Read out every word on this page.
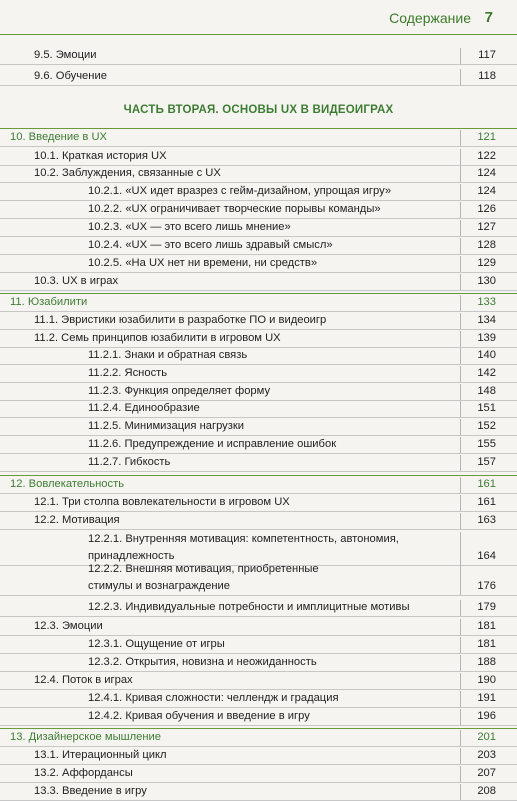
Содержание 7
ЧАСТЬ ВТОРАЯ. ОСНОВЫ UX В ВИДЕОИГРАХ
9.5. Эмоции	117
9.6. Обучение	118
10. Введение в UX	121
10.1. Краткая история UX	122
10.2. Заблуждения, связанные с UX	124
10.2.1. «UX идет вразрез с гейм-дизайном, упрощая игру»	124
10.2.2. «UX ограничивает творческие порывы команды»	126
10.2.3. «UX — это всего лишь мнение»	127
10.2.4. «UX — это всего лишь здравый смысл»	128
10.2.5. «На UX нет ни времени, ни средств»	129
10.3. UX в играх	130
11. Юзабилити	133
11.1. Эвристики юзабилити в разработке ПО и видеоигр	134
11.2. Семь принципов юзабилити в игровом UX	139
11.2.1. Знаки и обратная связь	140
11.2.2. Ясность	142
11.2.3. Функция определяет форму	148
11.2.4. Единообразие	151
11.2.5. Минимизация нагрузки	152
11.2.6. Предупреждение и исправление ошибок	155
11.2.7. Гибкость	157
12. Вовлекательность	161
12.1. Три столпа вовлекательности в игровом UX	161
12.2. Мотивация	163
12.2.1. Внутренняя мотивация: компетентность, автономия,
принадлежность	164
12.2.2. Внешняя мотивация, приобретенные
стимулы и вознаграждение	176
12.2.3. Индивидуальные потребности и имплицитные мотивы	179
12.3. Эмоции	181
12.3.1. Ощущение от игры	181
12.3.2. Открытия, новизна и неожиданность	188
12.4. Поток в играх	190
12.4.1. Кривая сложности: челлендж и градация	191
12.4.2. Кривая обучения и введение в игру	196
13. Дизайнерское мышление	201
13.1. Итерационный цикл	203
13.2. Аффордансы	207
13.3. Введение в игру	208
